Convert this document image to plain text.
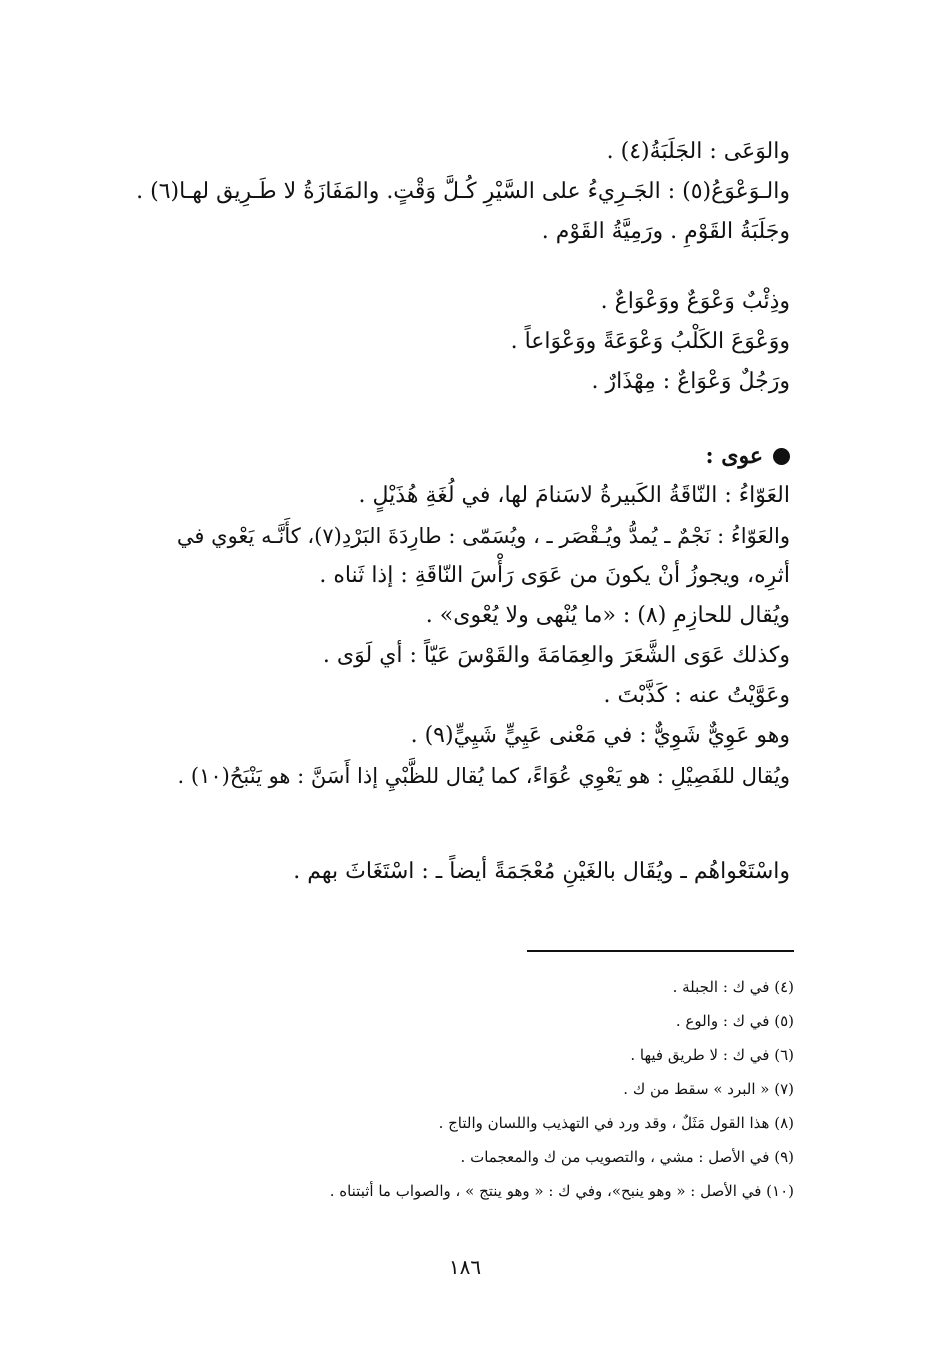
والوَعَى : الجَلَبَةُ(٤) .
والـوَعْوَعُ(٥) : الجَـرِيءُ على السَّيْرِ كُـلَّ وَقْتٍ. والمَفَازَةُ لا طَـرِيق لهـا(٦) .
وجَلَبَةُ القَوْمِ . ورَمِيَّةُ القَوْم .
وذِئْبٌ وَعْوَعٌ ووَعْوَاعٌ .
ووَعْوَعَ الكَلْبُ وَعْوَعَةً ووَعْوَاعاً .
ورَجُلٌ وَعْوَاعٌ : مِهْذَارٌ .
عوى :
العَوّاءُ : النّاقَةُ الكَبيرةُ لاسَنامَ لها، في لُغَةِ هُذَيْلٍ .
والعَوّاءُ : نَجْمٌ ـ يُمدُّ ويُـقْصَر ـ ، ويُسَمّى : طارِدَةَ البَرْدِ(٧)، كأَنَّـه يَعْوي في
أثرِه، ويجوزُ أنْ يكونَ من عَوَى رَأْسَ النّاقَةِ : إذا ثَناه .
ويُقال للحازِمِ (٨) : «ما يُنْهى ولا يُعْوى» .
وكذلك عَوَى الشَّعَرَ والعِمَامَةَ والقَوْسَ عَيّاً : أي لَوَى .
وعَوَّيْتُ عنه : كَذَّبْتَ .
وهو عَوِيٌّ شَوِيٌّ : في مَعْنى عَيِيٍّ شَيِيٍّ(٩) .
ويُقال للفَصِيْلِ : هو يَعْوِي عُوَاءً، كما يُقال للظَّبْيِ إذا أَسَنَّ : هو يَنْبَحُ(١٠) .
واسْتَعْواهُم ـ ويُقَال بالغَيْنِ مُعْجَمَةً أيضاً ـ : اسْتَغَاثَ بهم .
(٤) في ك : الجبلة .
(٥) في ك : والوع .
(٦) في ك : لا طريق فيها .
(٧) « البرد » سقط من ك .
(٨) هذا القول مَثَلٌ ، وقد ورد في التهذيب واللسان والتاج .
(٩) في الأصل : مشي ، والتصويب من ك والمعجمات .
(١٠) في الأصل : « وهو ينبح»، وفي ك : « وهو ينتج » ، والصواب ما أثبتناه .
١٨٦
